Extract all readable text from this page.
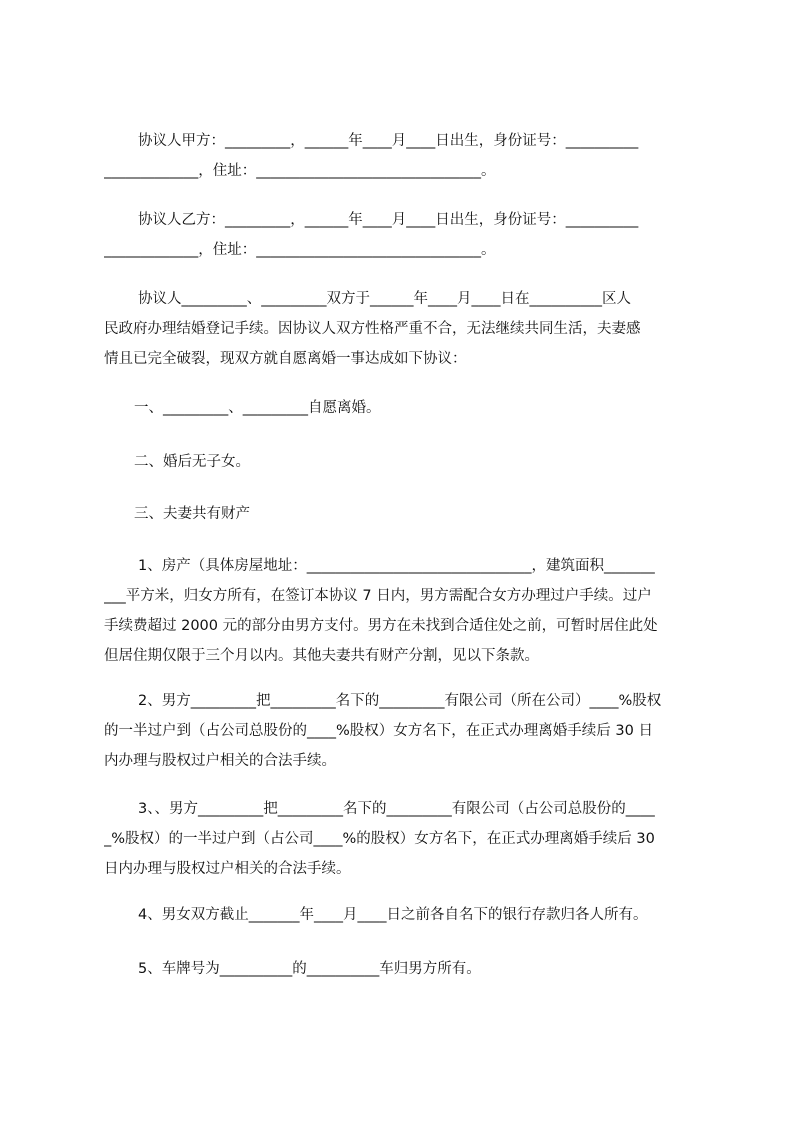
协议人甲方：_________，______年____月____日出生，身份证号：__________
_____________，住址：_______________________________。
协议人乙方：_________，______年____月____日出生，身份证号：__________
_____________，住址：_______________________________。
协议人_________、_________双方于______年____月____日在__________区人
民政府办理结婚登记手续。因协议人双方性格严重不合，无法继续共同生活，夫妻感
情且已完全破裂，现双方就自愿离婚一事达成如下协议：
一、_________、_________自愿离婚。
二、婚后无子女。
三、夫妻共有财产
1、房产（具体房屋地址：_______________________________，建筑面积_______
___平方米，归女方所有，在签订本协议 7 日内，男方需配合女方办理过户手续。过户
手续费超过 2000 元的部分由男方支付。男方在未找到合适住处之前，可暂时居住此处
但居住期仅限于三个月以内。其他夫妻共有财产分割，见以下条款。
2、男方_________把_________名下的_________有限公司（所在公司）____%股权
的一半过户到（占公司总股份的____%股权）女方名下，在正式办理离婚手续后 30 日
内办理与股权过户相关的合法手续。
3、、男方_________把_________名下的_________有限公司（占公司总股份的____
_%股权）的一半过户到（占公司____%的股权）女方名下，在正式办理离婚手续后 30
日内办理与股权过户相关的合法手续。
4、男女双方截止_______年____月____日之前各自名下的银行存款归各人所有。
5、车牌号为__________的__________车归男方所有。
